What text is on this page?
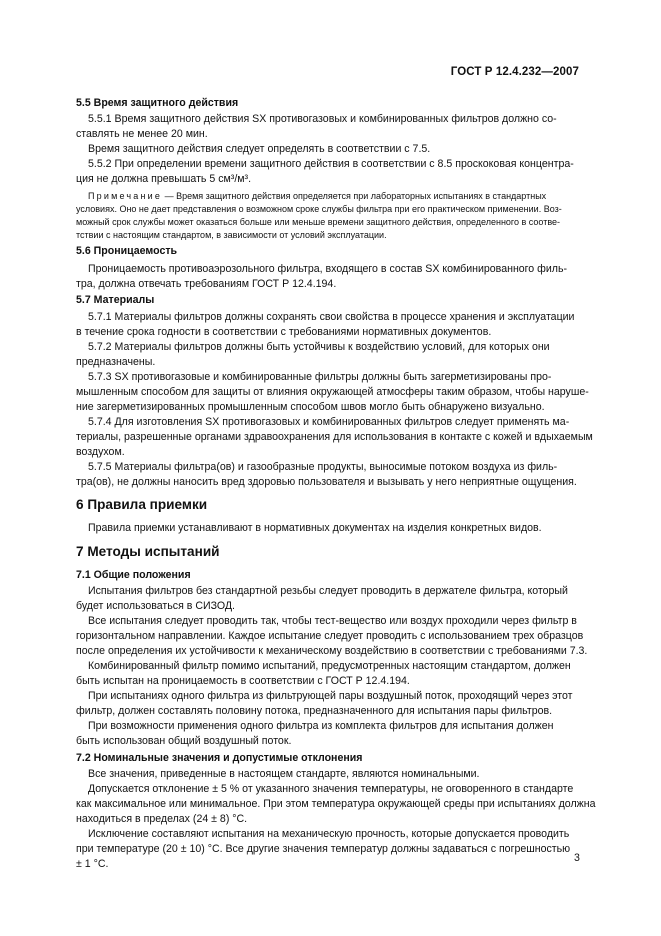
ГОСТ Р 12.4.232—2007
5.5 Время защитного действия
5.5.1 Время защитного действия SX противогазовых и комбинированных фильтров должно со-
ставлять не менее 20 мин.
Время защитного действия следует определять в соответствии с 7.5.
5.5.2 При определении времени защитного действия в соответствии с 8.5 проскоковая концентра-
ция не должна превышать 5 см³/м³.
Примечание — Время защитного действия определяется при лабораторных испытаниях в стандартных
условиях. Оно не дает представления о возможном сроке службы фильтра при его практическом применении. Воз-
можный срок службы может оказаться больше или меньше времени защитного действия, определенного в соотве-
тствии с настоящим стандартом, в зависимости от условий эксплуатации.
5.6 Проницаемость
Проницаемость противоаэрозольного фильтра, входящего в состав SX комбинированного филь-
тра, должна отвечать требованиям ГОСТ Р 12.4.194.
5.7 Материалы
5.7.1 Материалы фильтров должны сохранять свои свойства в процессе хранения и эксплуатации
в течение срока годности в соответствии с требованиями нормативных документов.
5.7.2 Материалы фильтров должны быть устойчивы к воздействию условий, для которых они
предназначены.
5.7.3 SX противогазовые и комбинированные фильтры должны быть загерметизированы про-
мышленным способом для защиты от влияния окружающей атмосферы таким образом, чтобы наруше-
ние загерметизированных промышленным способом швов могло быть обнаружено визуально.
5.7.4 Для изготовления SX противогазовых и комбинированных фильтров следует применять ма-
териалы, разрешенные органами здравоохранения для использования в контакте с кожей и вдыхаемым
воздухом.
5.7.5 Материалы фильтра(ов) и газообразные продукты, выносимые потоком воздуха из филь-
тра(ов), не должны наносить вред здоровью пользователя и вызывать у него неприятные ощущения.
6 Правила приемки
Правила приемки устанавливают в нормативных документах на изделия конкретных видов.
7 Методы испытаний
7.1 Общие положения
Испытания фильтров без стандартной резьбы следует проводить в держателе фильтра, который
будет использоваться в СИЗОД.
Все испытания следует проводить так, чтобы тест-вещество или воздух проходили через фильтр в
горизонтальном направлении. Каждое испытание следует проводить с использованием трех образцов
после определения их устойчивости к механическому воздействию в соответствии с требованиями 7.3.
Комбинированный фильтр помимо испытаний, предусмотренных настоящим стандартом, должен
быть испытан на проницаемость в соответствии с ГОСТ Р 12.4.194.
При испытаниях одного фильтра из фильтрующей пары воздушный поток, проходящий через этот
фильтр, должен составлять половину потока, предназначенного для испытания пары фильтров.
При возможности применения одного фильтра из комплекта фильтров для испытания должен
быть использован общий воздушный поток.
7.2 Номинальные значения и допустимые отклонения
Все значения, приведенные в настоящем стандарте, являются номинальными.
Допускается отклонение ± 5 % от указанного значения температуры, не оговоренного в стандарте
как максимальное или минимальное. При этом температура окружающей среды при испытаниях должна
находиться в пределах (24 ± 8) °С.
Исключение составляют испытания на механическую прочность, которые допускается проводить
при температуре (20 ± 10) °С. Все другие значения температур должны задаваться с погрешностью
± 1 °С.	3
